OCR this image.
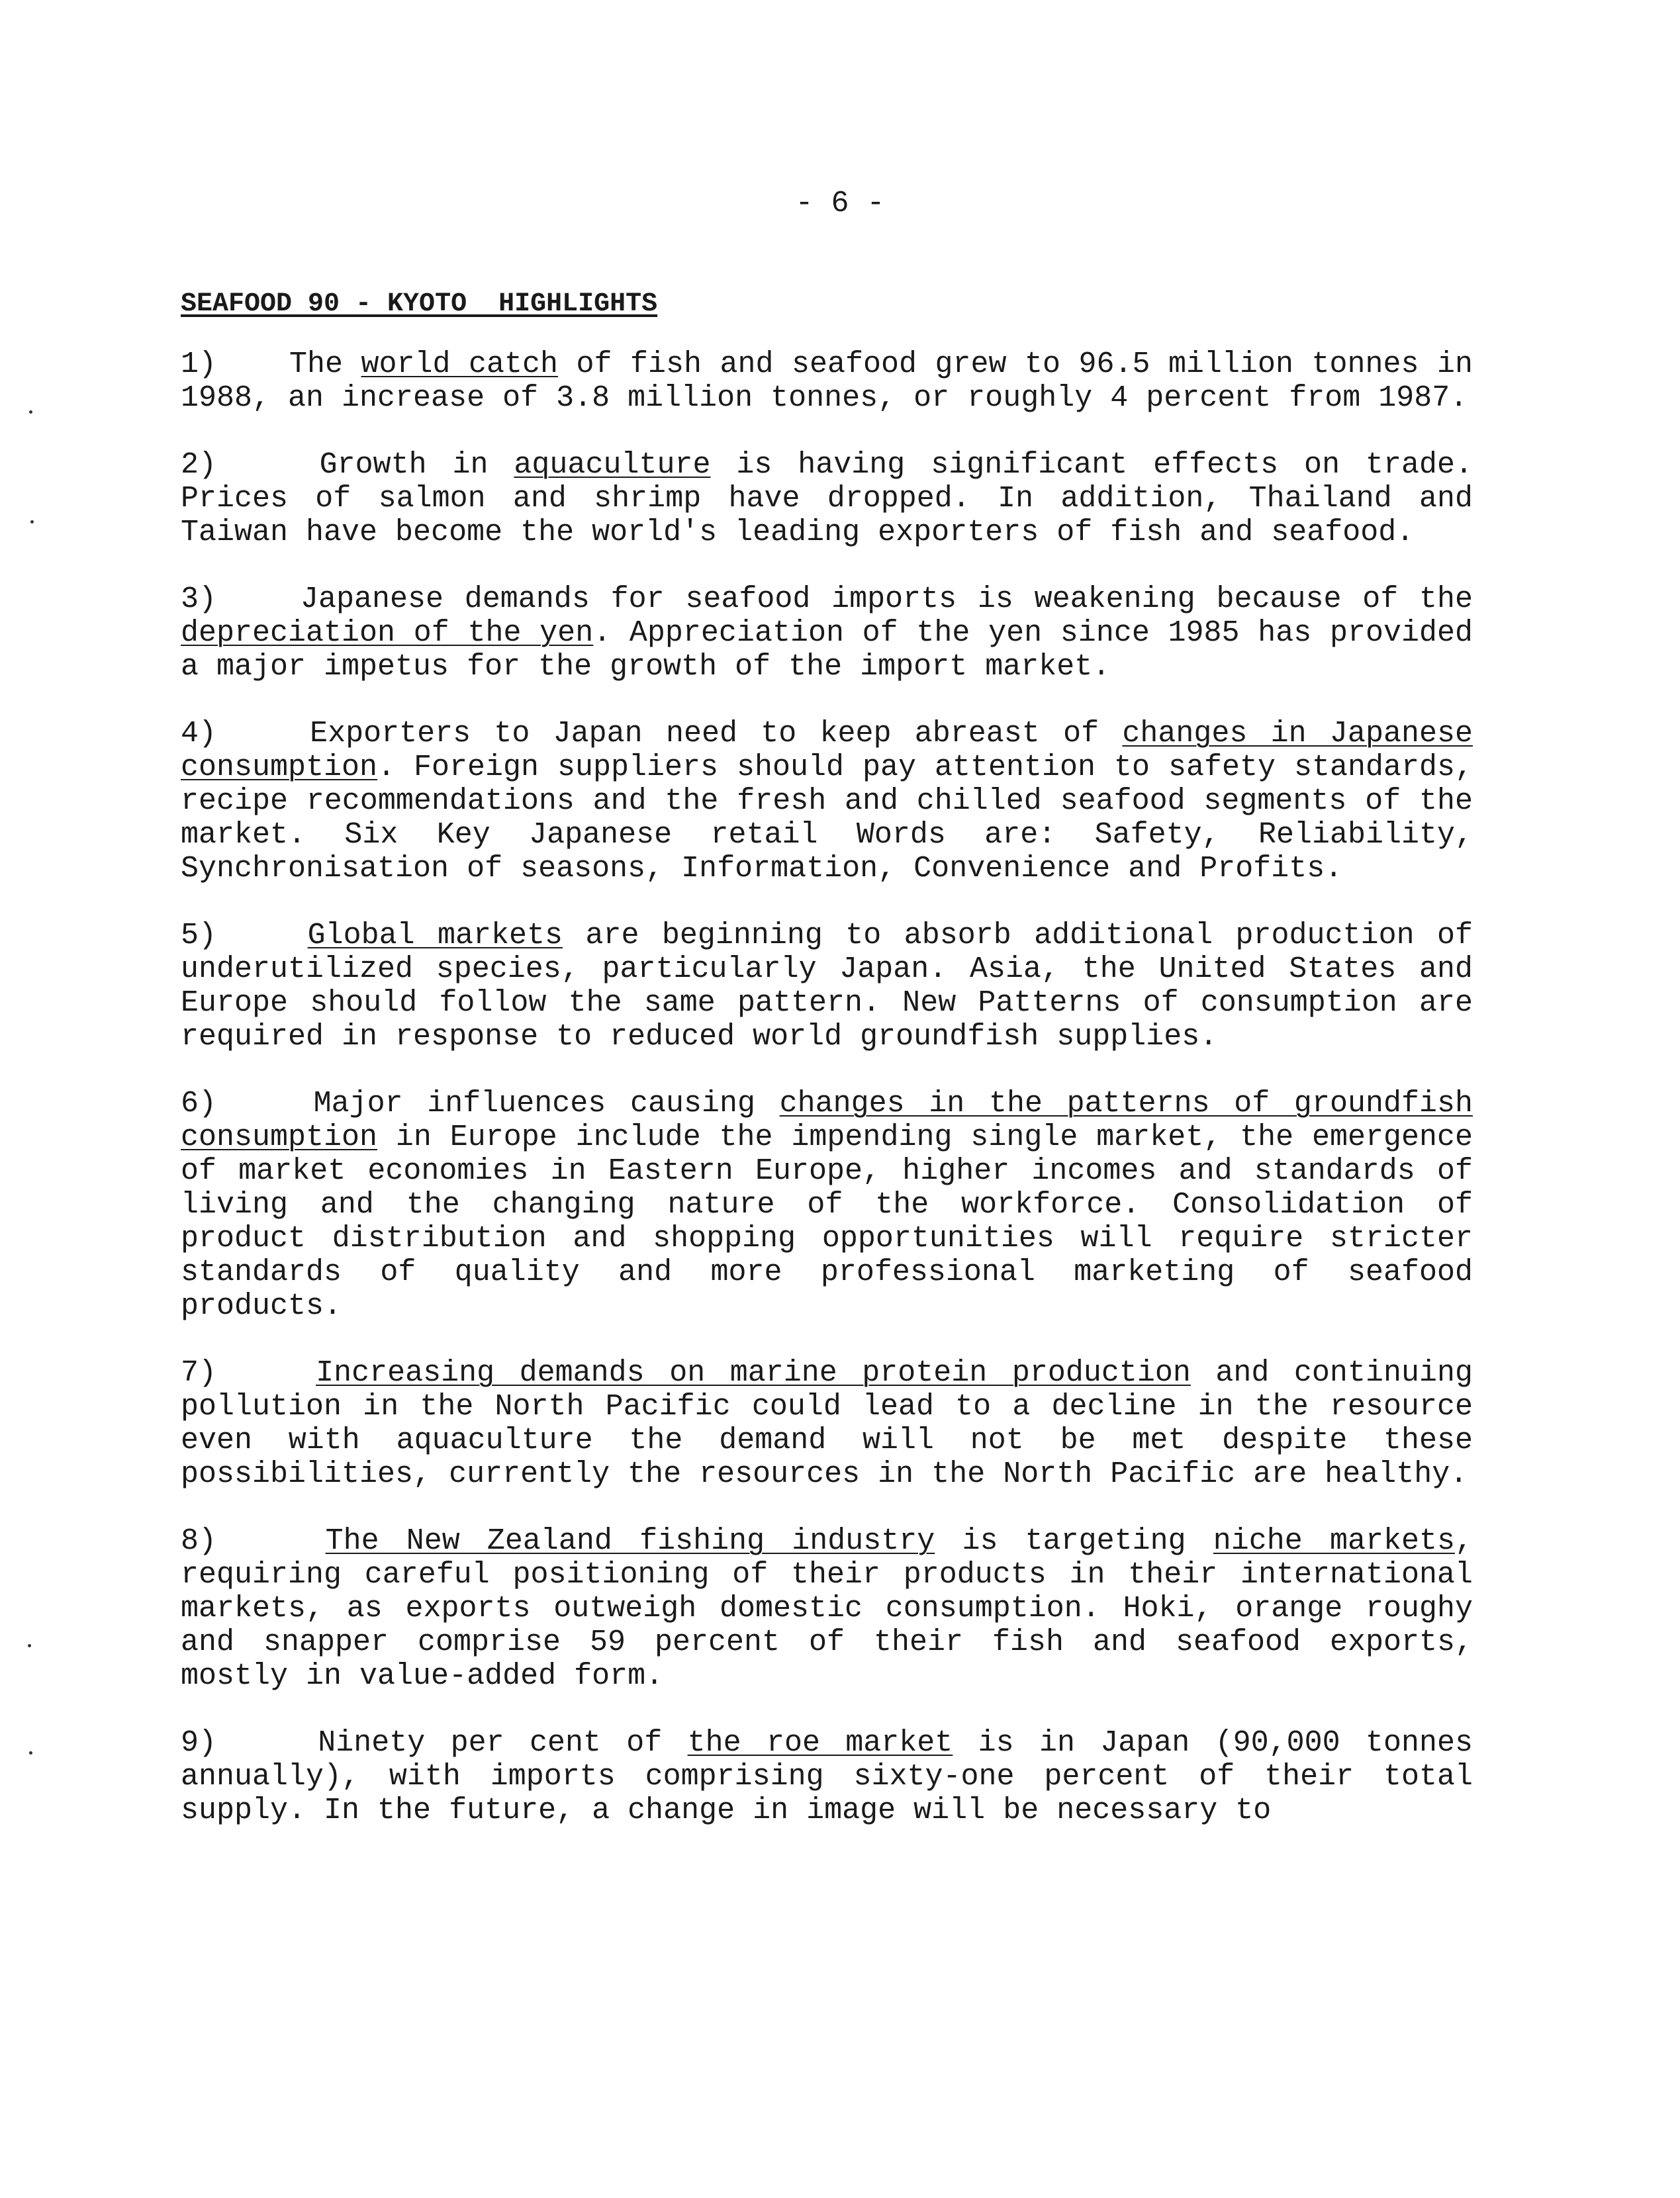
- 6 -
SEAFOOD 90 - KYOTO  HIGHLIGHTS

1) The world catch of fish and seafood grew to 96.5 million tonnes in 1988, an increase of 3.8 million tonnes, or roughly 4 percent from 1987.

2)	Growth in aquaculture is having significant effects on trade. Prices of salmon and shrimp have dropped. In addition, Thailand and Taiwan have become the world's leading exporters of fish and seafood.

3)	Japanese demands for seafood imports is weakening because of the depreciation of the yen. Appreciation of the yen since 1985 has provided a major impetus for the growth of the import market.

4)	Exporters to Japan need to keep abreast of changes in Japanese consumption. Foreign suppliers should pay attention to safety standards, recipe recommendations and the fresh and chilled seafood segments of the market. Six Key Japanese retail Words are: Safety, Reliability, Synchronisation of seasons, Information, Convenience and Profits.

5)	Global markets are beginning to absorb additional production of underutilized species, particularly Japan. Asia, the United States and Europe should follow the same pattern. New Patterns of consumption are required in response to reduced world groundfish supplies.

6)	Major influences causing changes in the patterns of groundfish consumption in Europe include the impending single market, the emergence of market economies in Eastern Europe, higher incomes and standards of living and the changing nature of the workforce. Consolidation of product distribution and shopping opportunities will require stricter standards of quality and more professional marketing of seafood products.

7)	Increasing demands on marine protein production and continuing pollution in the North Pacific could lead to a decline in the resource even with aquaculture the demand will not be met despite these possibilities, currently the resources in the North Pacific are healthy.

8)	The New Zealand fishing industry is targeting niche markets, requiring careful positioning of their products in their international markets, as exports outweigh domestic consumption. Hoki, orange roughy and snapper comprise 59 percent of their fish and seafood exports, mostly in value-added form.

9)	Ninety per cent of the roe market is in Japan (90,000 tonnes annually), with imports comprising sixty-one percent of their total supply. In the future, a change in image will be necessary to
